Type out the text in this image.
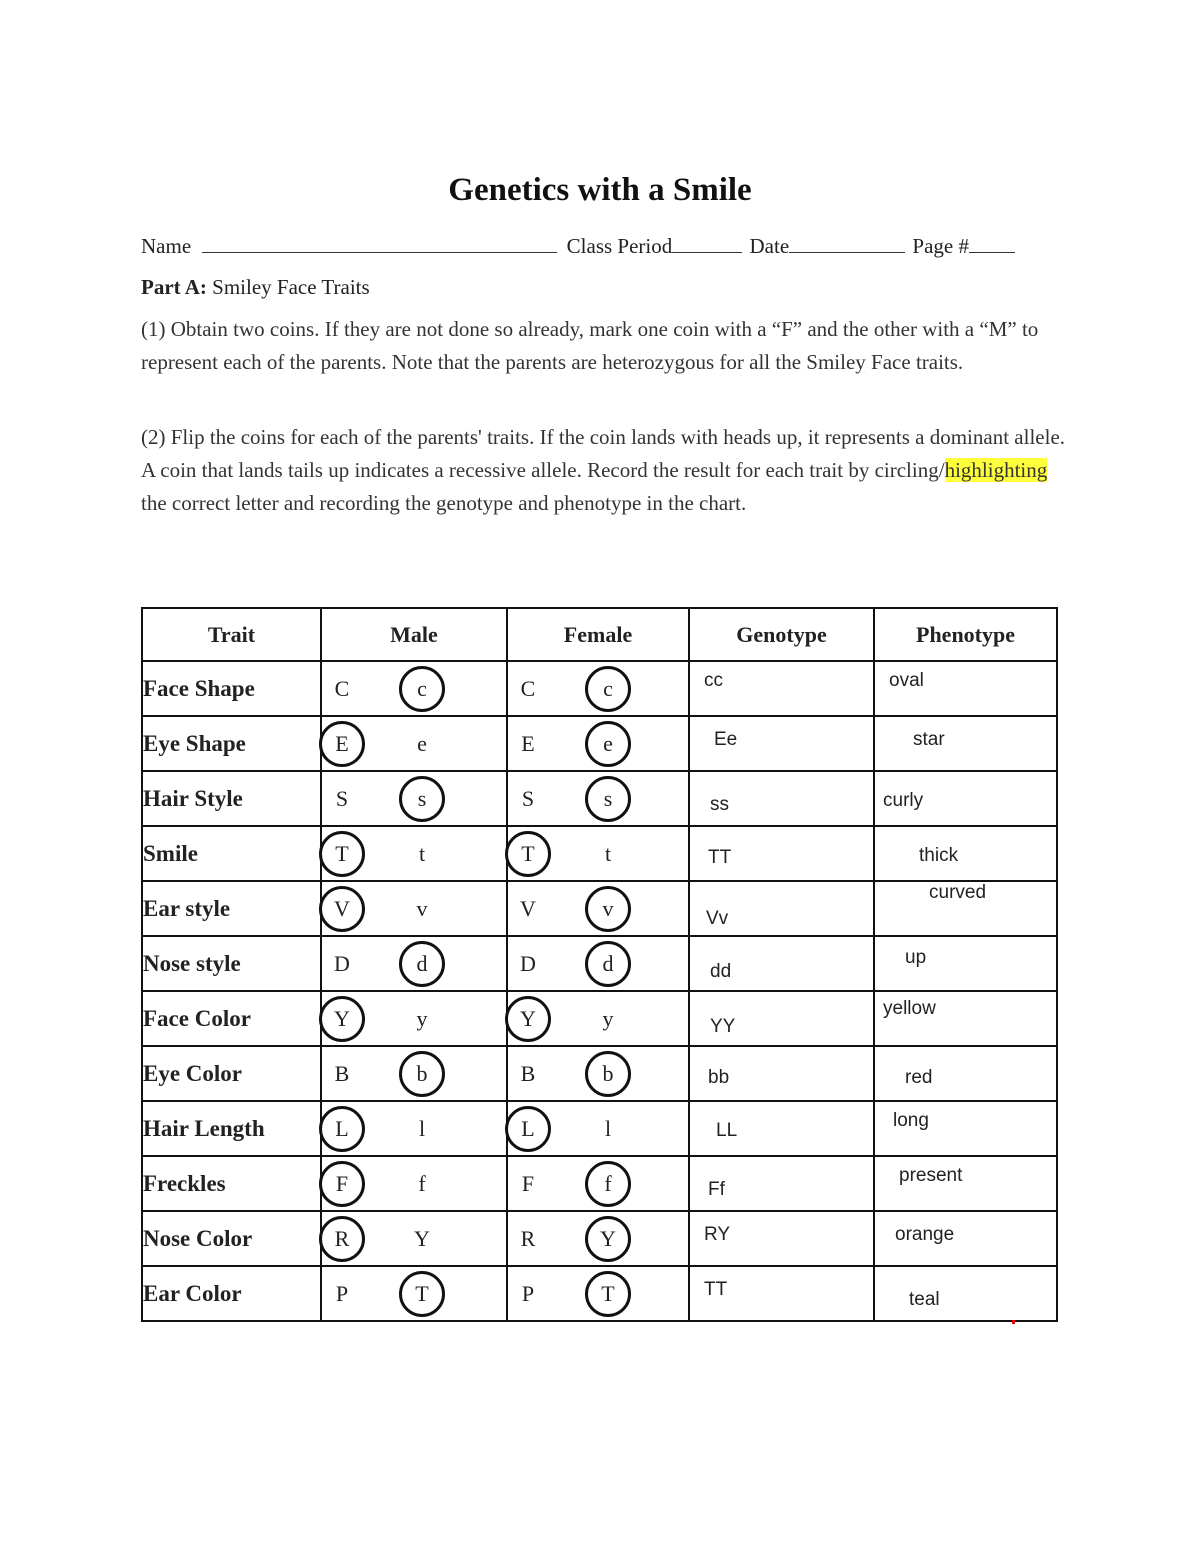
Genetics with a Smile
Name	Class Period	Date	Page #
Part A: Smiley Face Traits

(1) Obtain two coins. If they are not done so already, mark one coin with a “F” and the other with a “M” to represent each of the parents. Note that the parents are heterozygous for all the Smiley Face traits.

(2) Flip the coins for each of the parents' traits. If the coin lands with heads up, it represents a dominant allele. A coin that lands tails up indicates a recessive allele. Record the result for each trait by circling/highlighting the correct letter and recording the genotype and phenotype in the chart.

Trait	Male	Female	Genotype	Phenotype
Face Shape	C c	C c	cc	oval

Eye Shape	E e	E e	Ee	star

Hair Style	S s	S s	ss	curly

Smile	T t	T t	TT	thick

Ear style	V v	V v	Vv	curved

Nose style	D d	D d	dd	up

Face Color	Y y	Y y	YY	yellow

Eye Color	B b	B b	bb	red

Hair Length	L l	L l	LL	long

Freckles	F f	F f	Ff	present

Nose Color	R Y	R Y	RY	orange

Ear Color	P T	P T	TT	teal
